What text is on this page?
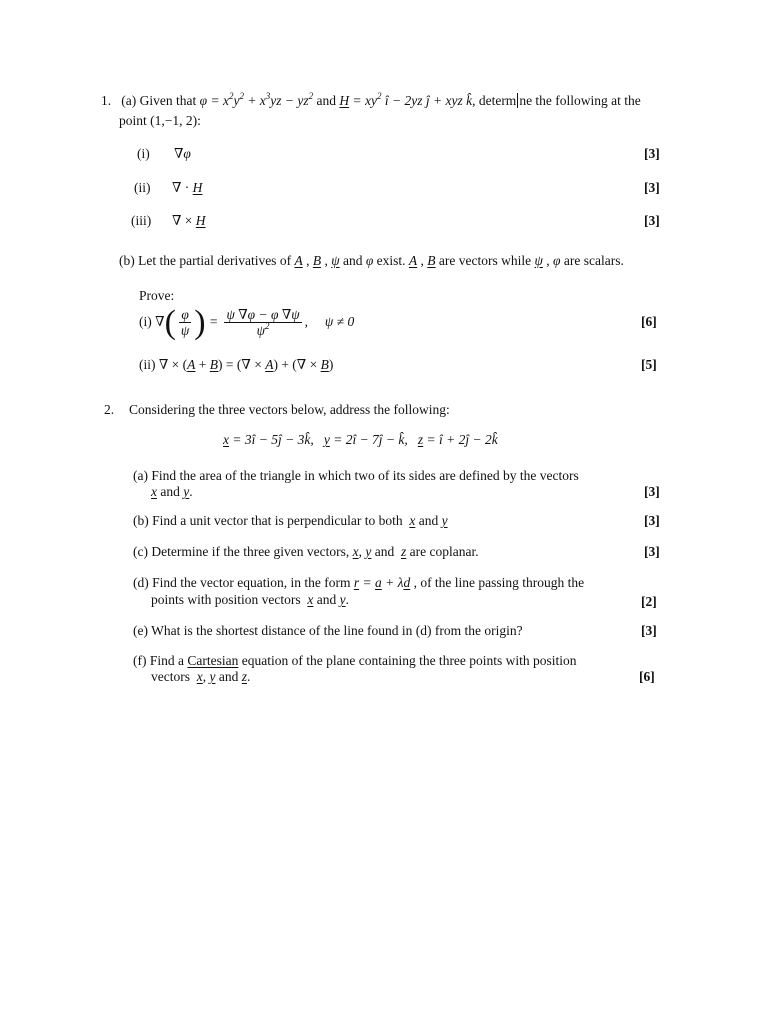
1. (a) Given that $\varphi = x^2y^2 + x^3yz - yz^2$ and $H = xy^2$ î − 2yz ĵ + xyz k̂, determ ne the following at the
point (1,−1, 2):
(i) ∇φ	[3]
(ii) ∇ · H	[3]
(iii) ∇ × H	[3]
(b) Let the partial derivatives of A , B , ψ and φ exist. A , B are vectors while ψ , φ are scalars.
Prove:
(i) ∇( $\frac{\varphi}{\psi}$ ) = $\frac{\psi \nabla\varphi - \varphi \nabla\psi}{\psi^2}$ ,     ψ ≠ 0	[6]
(ii) ∇ × (A + B) = (∇ × A) + (∇ × B)	[5]
2. Considering the three vectors below, address the following:
x = 3î − 5ĵ − 3k̂, y = 2î − 7ĵ − k̂, z = î + 2ĵ − 2k̂
(a) Find the area of the triangle in which two of its sides are defined by the vectors
x and y.	[3]
(b) Find a unit vector that is perpendicular to both  x and y	[3]
(c) Determine if the three given vectors, x, y and  z are coplanar.	[3]
(d) Find the vector equation, in the form r = a + λd , of the line passing through the
points with position vectors  x and y.	[2]
(e) What is the shortest distance of the line found in (d) from the origin?	[3]
(f) Find a Cartesian equation of the plane containing the three points with position
vectors  x, y and z.	[6]
